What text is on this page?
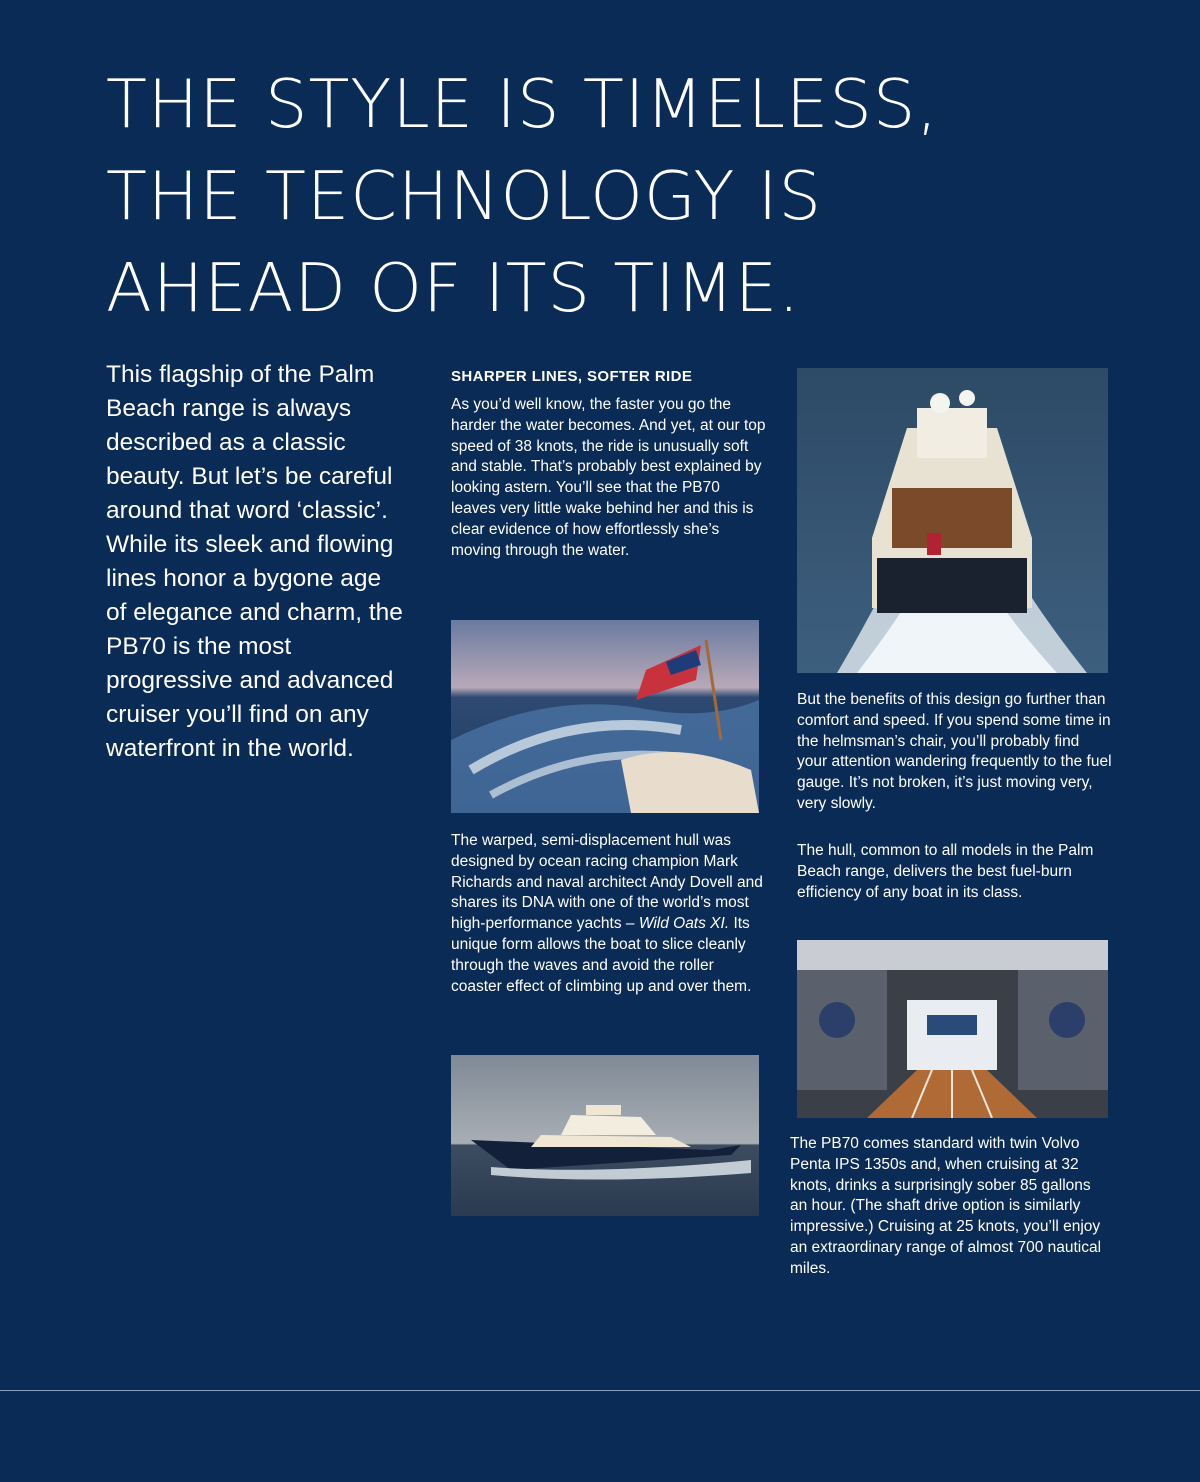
THE STYLE IS TIMELESS,
THE TECHNOLOGY IS
AHEAD OF ITS TIME.

This flagship of the Palm Beach range is always described as a classic beauty. But let’s be careful around that word ‘classic’. While its sleek and flowing lines honor a bygone age of elegance and charm, the PB70 is the most progressive and advanced cruiser you’ll find on any waterfront in the world.

SHARPER LINES, SOFTER RIDE

As you’d well know, the faster you go the harder the water becomes. And yet, at our top speed of 38 knots, the ride is unusually soft and stable. That’s probably best explained by looking astern. You’ll see that the PB70 leaves very little wake behind her and this is clear evidence of how effortlessly she’s moving through the water.

But the benefits of this design go further than comfort and speed. If you spend some time in the helmsman’s chair, you’ll probably find your attention wandering frequently to the fuel gauge. It’s not broken, it’s just moving very, very slowly.

The hull, common to all models in the Palm Beach range, delivers the best fuel-burn efficiency of any boat in its class.

The warped, semi-displacement hull was designed by ocean racing champion Mark Richards and naval architect Andy Dovell and shares its DNA with one of the world’s most high-performance yachts – Wild Oats XI. Its unique form allows the boat to slice cleanly through the waves and avoid the roller coaster effect of climbing up and over them.

The PB70 comes standard with twin Volvo Penta IPS 1350s and, when cruising at 32 knots, drinks a surprisingly sober 85 gallons an hour. (The shaft drive option is similarly impressive.) Cruising at 25 knots, you’ll enjoy an extraordinary range of almost 700 nautical miles.
